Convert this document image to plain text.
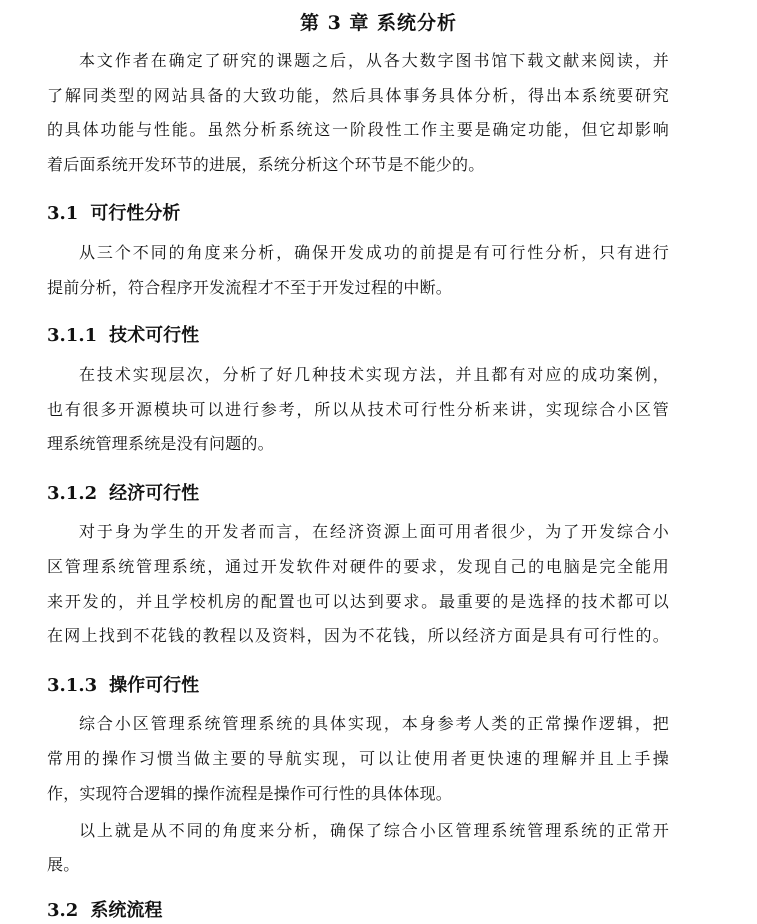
第 3 章 系统分析
本文作者在确定了研究的课题之后，从各大数字图书馆下载文献来阅读，并
了解同类型的网站具备的大致功能，然后具体事务具体分析，得出本系统要研究
的具体功能与性能。虽然分析系统这一阶段性工作主要是确定功能，但它却影响
着后面系统开发环节的进展，系统分析这个环节是不能少的。
3.1 可行性分析
从三个不同的角度来分析，确保开发成功的前提是有可行性分析，只有进行
提前分析，符合程序开发流程才不至于开发过程的中断。
3.1.1 技术可行性
在技术实现层次，分析了好几种技术实现方法，并且都有对应的成功案例，
也有很多开源模块可以进行参考，所以从技术可行性分析来讲，实现综合小区管
理系统管理系统是没有问题的。
3.1.2 经济可行性
对于身为学生的开发者而言，在经济资源上面可用者很少，为了开发综合小
区管理系统管理系统，通过开发软件对硬件的要求，发现自己的电脑是完全能用
来开发的，并且学校机房的配置也可以达到要求。最重要的是选择的技术都可以
在网上找到不花钱的教程以及资料，因为不花钱，所以经济方面是具有可行性的。
3.1.3 操作可行性
综合小区管理系统管理系统的具体实现，本身参考人类的正常操作逻辑，把
常用的操作习惯当做主要的导航实现，可以让使用者更快速的理解并且上手操
作，实现符合逻辑的操作流程是操作可行性的具体体现。
以上就是从不同的角度来分析，确保了综合小区管理系统管理系统的正常开
展。
3.2 系统流程
